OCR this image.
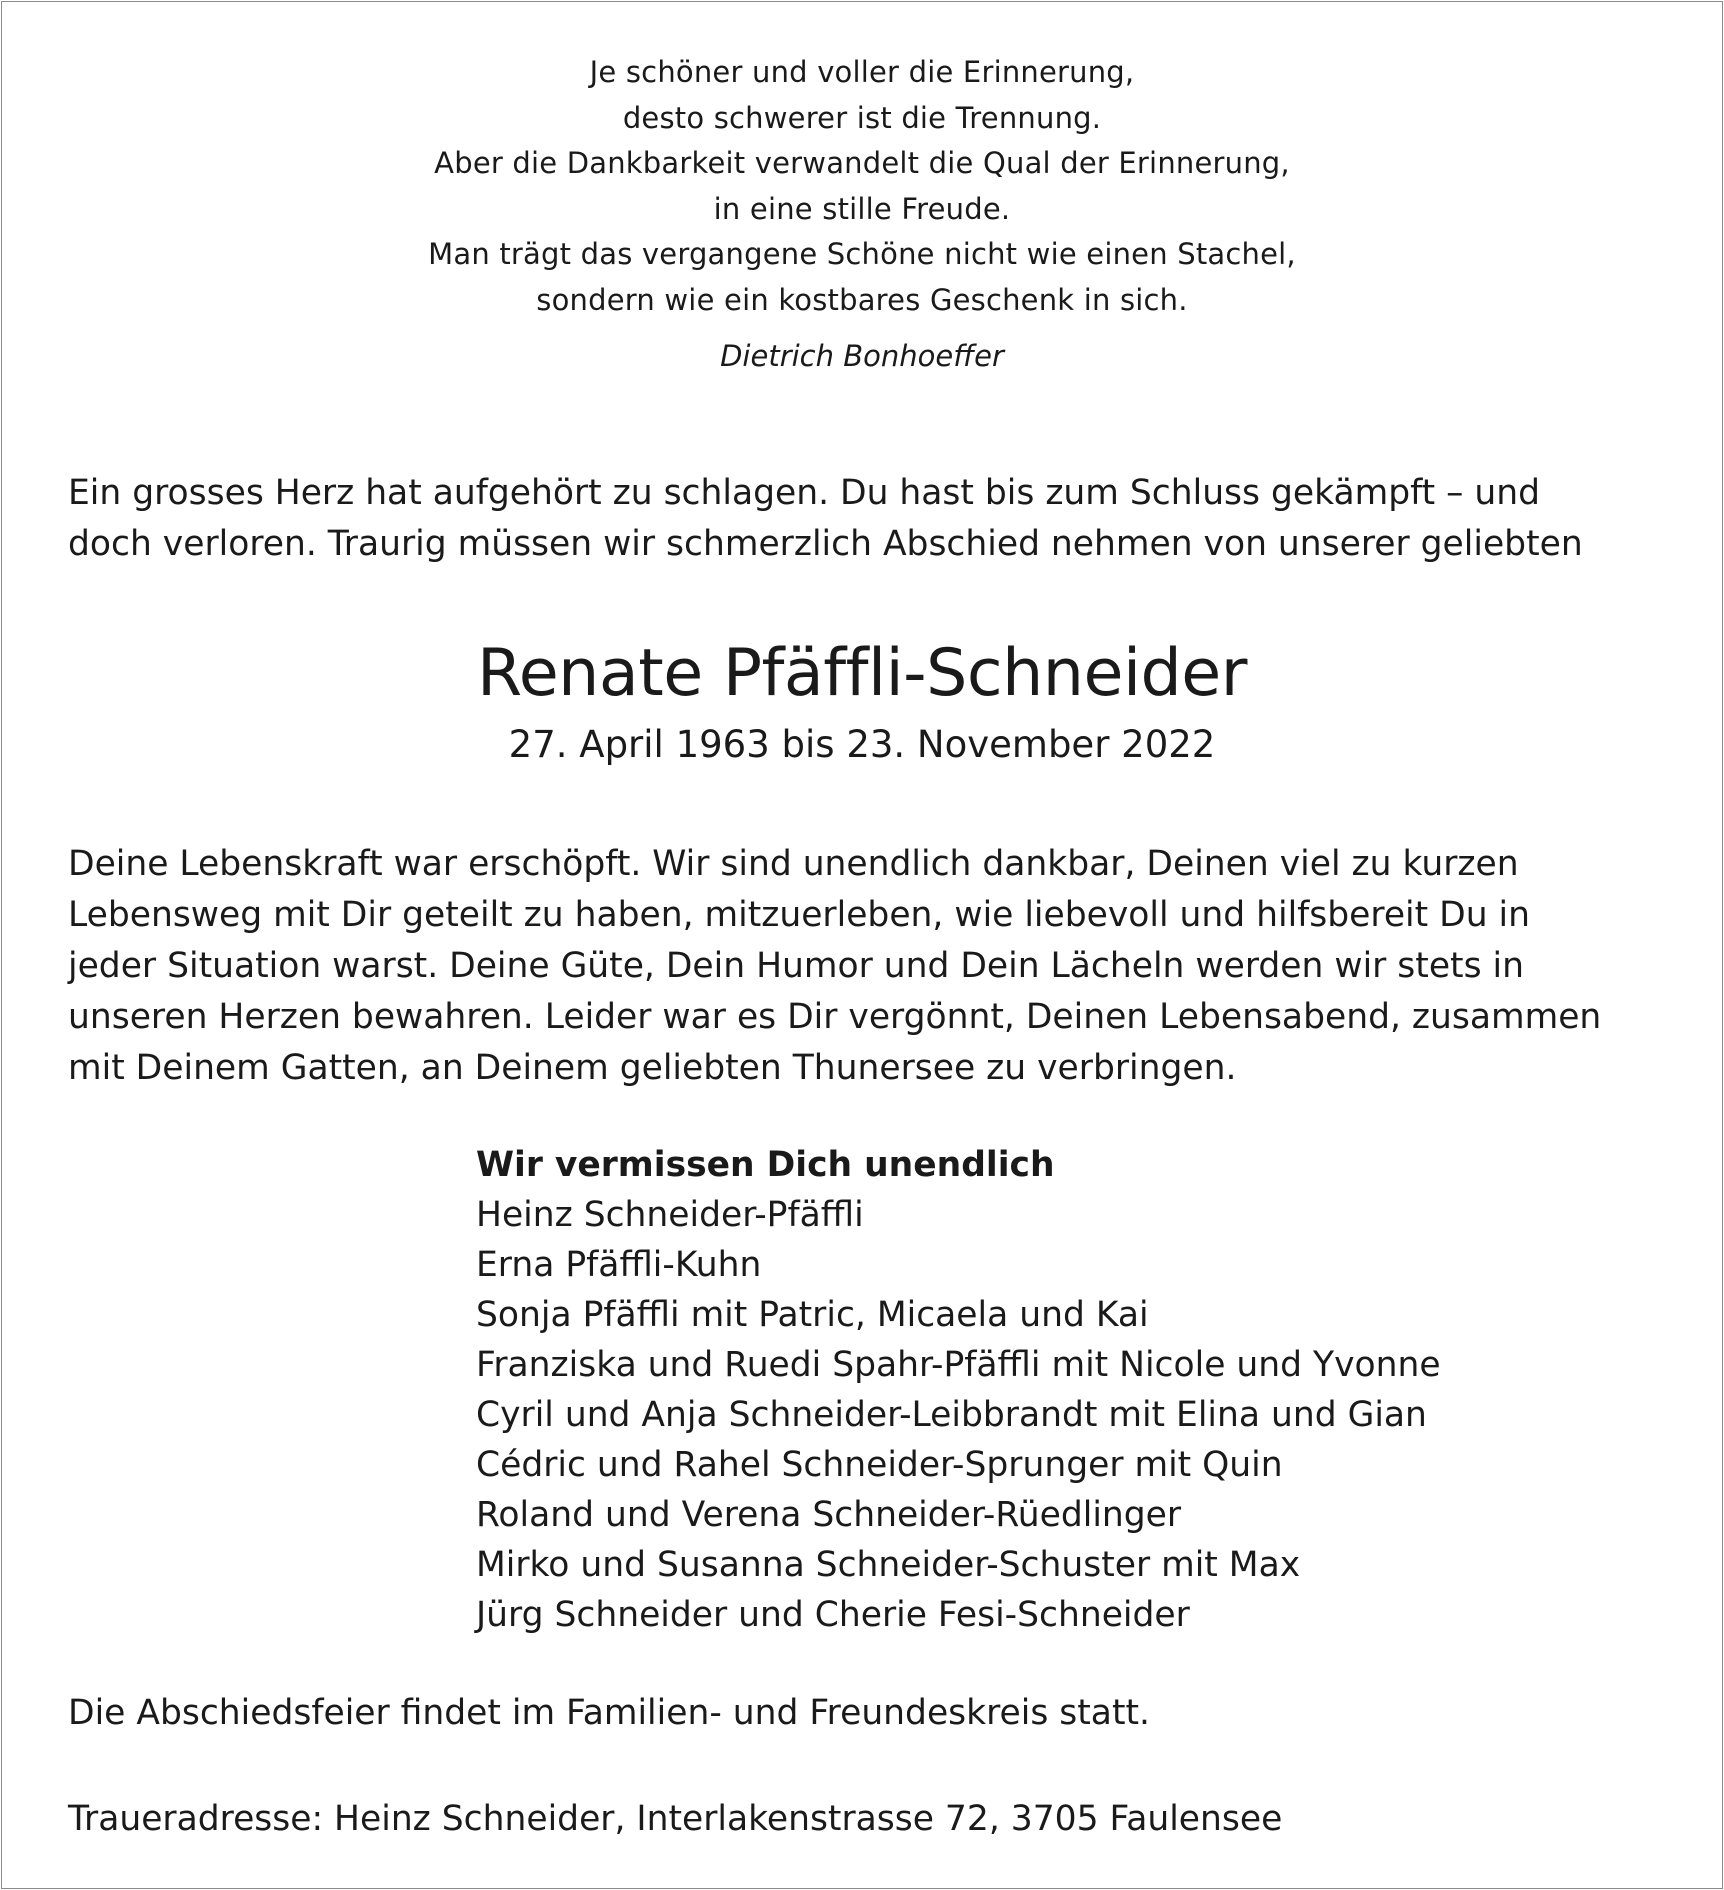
Je schöner und voller die Erinnerung,
desto schwerer ist die Trennung.
Aber die Dankbarkeit verwandelt die Qual der Erinnerung,
in eine stille Freude.
Man trägt das vergangene Schöne nicht wie einen Stachel,
sondern wie ein kostbares Geschenk in sich.
Dietrich Bonhoeffer
Ein grosses Herz hat aufgehört zu schlagen. Du hast bis zum Schluss gekämpft – und
doch verloren. Traurig müssen wir schmerzlich Abschied nehmen von unserer geliebten
Renate Pfäffli-Schneider
27. April 1963 bis 23. November 2022
Deine Lebenskraft war erschöpft. Wir sind unendlich dankbar, Deinen viel zu kurzen
Lebensweg mit Dir geteilt zu haben, mitzuerleben, wie liebevoll und hilfsbereit Du in
jeder Situation warst. Deine Güte, Dein Humor und Dein Lächeln werden wir stets in
unseren Herzen bewahren. Leider war es Dir vergönnt, Deinen Lebensabend, zusammen
mit Deinem Gatten, an Deinem geliebten Thunersee zu verbringen.
Wir vermissen Dich unendlich
Heinz Schneider-Pfäffli
Erna Pfäffli-Kuhn
Sonja Pfäffli mit Patric, Micaela und Kai
Franziska und Ruedi Spahr-Pfäffli mit Nicole und Yvonne
Cyril und Anja Schneider-Leibbrandt mit Elina und Gian
Cédric und Rahel Schneider-Sprunger mit Quin
Roland und Verena Schneider-Rüedlinger
Mirko und Susanna Schneider-Schuster mit Max
Jürg Schneider und Cherie Fesi-Schneider
Die Abschiedsfeier findet im Familien- und Freundeskreis statt.
Traueradresse: Heinz Schneider, Interlakenstrasse 72, 3705 Faulensee
